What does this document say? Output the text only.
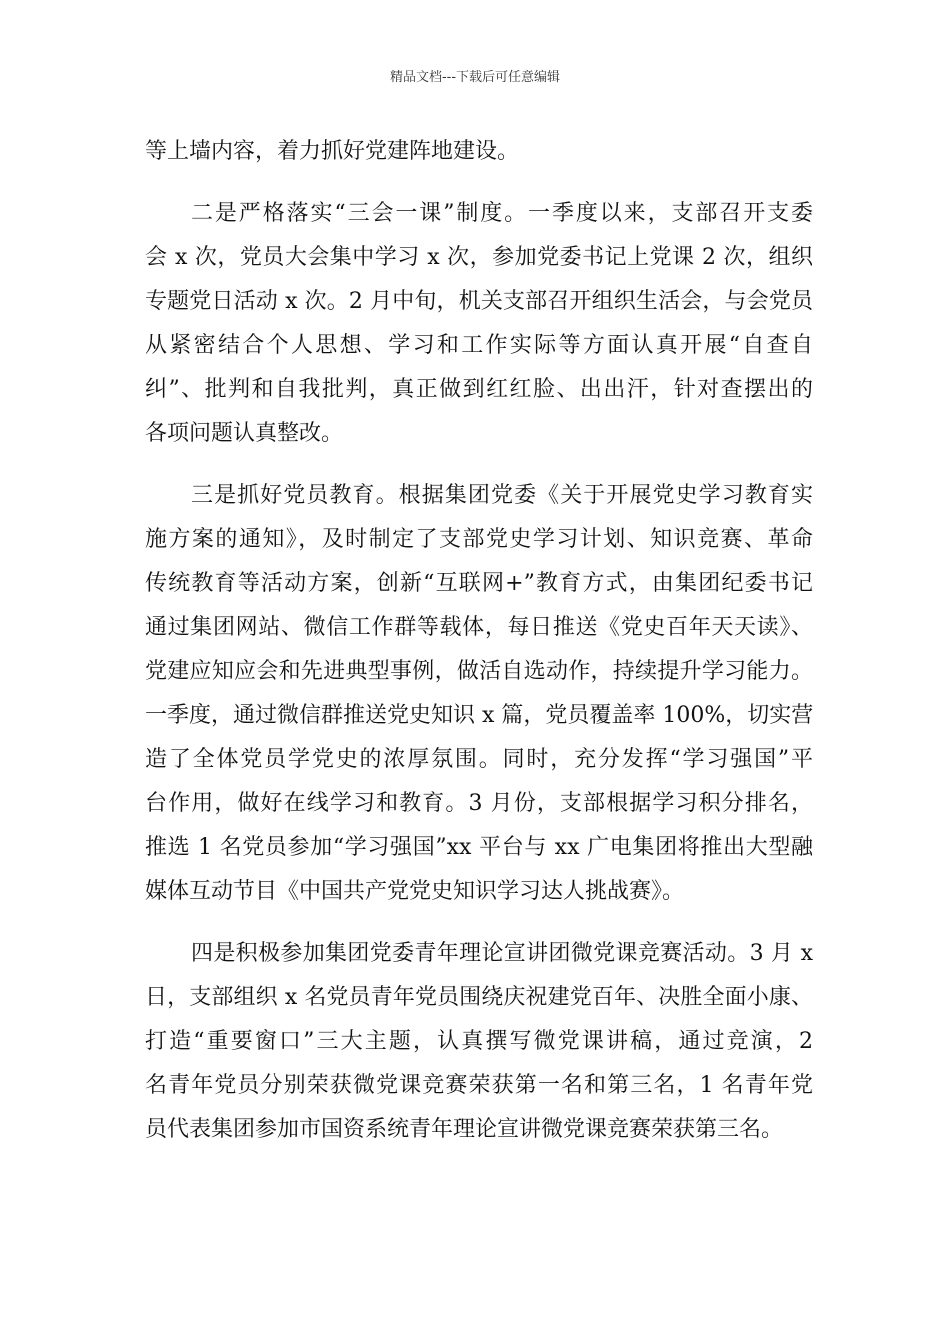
精品文档---下载后可任意编辑
等上墙内容，着力抓好党建阵地建设。
二是严格落实“三会一课”制度。一季度以来，支部召开支委
会 x 次，党员大会集中学习 x 次，参加党委书记上党课 2 次，组织
专题党日活动 x 次。2 月中旬，机关支部召开组织生活会，与会党员
从紧密结合个人思想、学习和工作实际等方面认真开展“自查自
纠”、批判和自我批判，真正做到红红脸、出出汗，针对查摆出的
各项问题认真整改。
三是抓好党员教育。根据集团党委《关于开展党史学习教育实
施方案的通知》，及时制定了支部党史学习计划、知识竞赛、革命
传统教育等活动方案，创新“互联网+”教育方式，由集团纪委书记
通过集团网站、微信工作群等载体，每日推送《党史百年天天读》、
党建应知应会和先进典型事例，做活自选动作，持续提升学习能力。
一季度，通过微信群推送党史知识 x 篇，党员覆盖率 100%，切实营
造了全体党员学党史的浓厚氛围。同时，充分发挥“学习强国”平
台作用，做好在线学习和教育。3 月份，支部根据学习积分排名，
推选 1 名党员参加“学习强国”xx 平台与 xx 广电集团将推出大型融
媒体互动节目《中国共产党党史知识学习达人挑战赛》。
四是积极参加集团党委青年理论宣讲团微党课竞赛活动。3 月 x
日，支部组织 x 名党员青年党员围绕庆祝建党百年、决胜全面小康、
打造“重要窗口”三大主题，认真撰写微党课讲稿，通过竞演，2
名青年党员分别荣获微党课竞赛荣获第一名和第三名，1 名青年党
员代表集团参加市国资系统青年理论宣讲微党课竞赛荣获第三名。
